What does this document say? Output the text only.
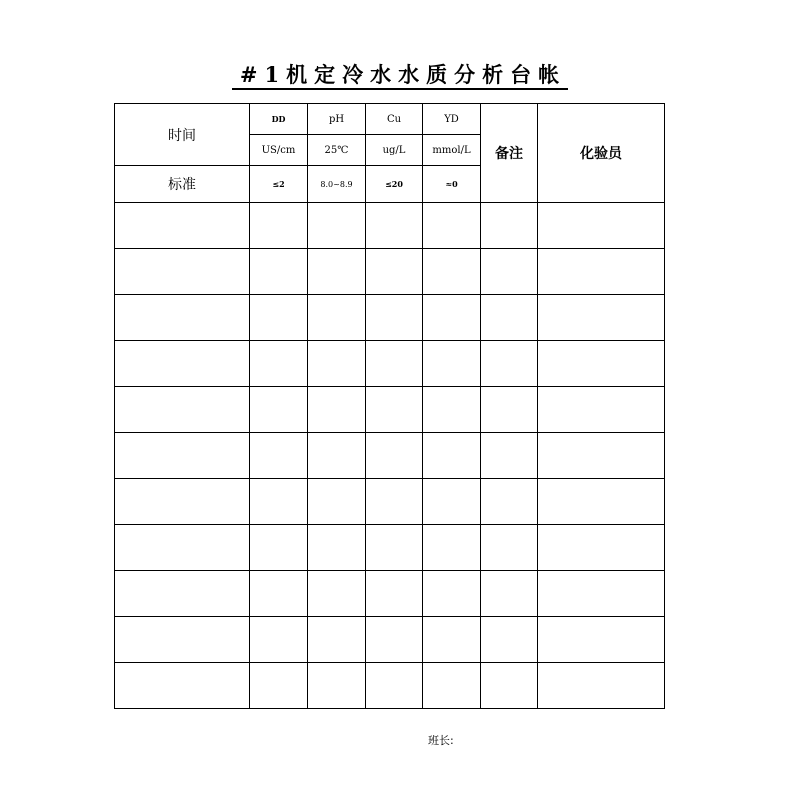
#1机定冷水水质分析台帐
时间	DD	pH	Cu	YD	备注	化验员
	US/cm	25℃	ug/L	mmol/L		
标准	≤2	8.0~8.9	≤20	≈0		

班长:
